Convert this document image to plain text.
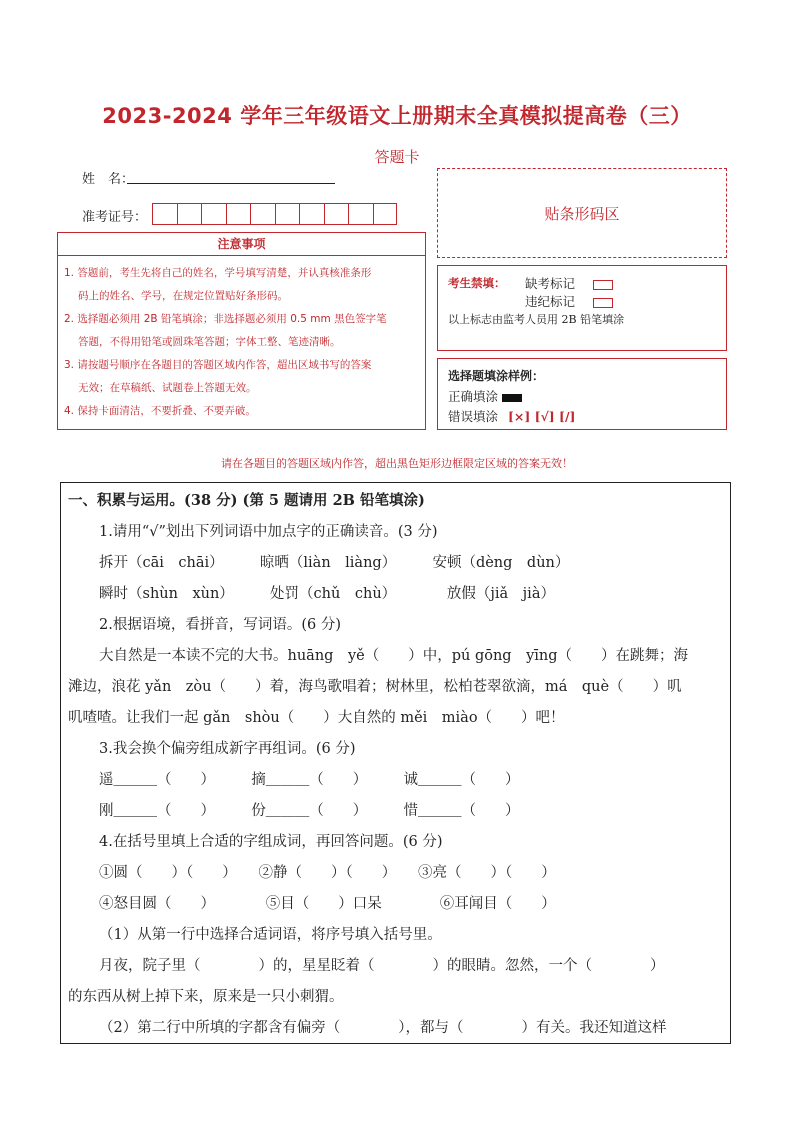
2023-2024 学年三年级语文上册期末全真模拟提高卷（三）
答题卡
姓　名：
准考证号：	贴条形码区
注意事项

1. 答题前，考生先将自己的姓名，学号填写清楚，并认真核准条形

码上的姓名、学号，在规定位置贴好条形码。

2. 选择题必须用 2B 铅笔填涂；非选择题必须用 0.5 mm 黑色签字笔

答题，不得用铅笔或圆珠笔答题；字体工整、笔迹清晰。

3. 请按题号顺序在各题目的答题区域内作答，超出区域书写的答案

无效；在草稿纸、试题卷上答题无效。

4. 保持卡面清洁，不要折叠、不要弄破。

考生禁填： 缺考标记
违纪标记
以上标志由监考人员用 2B 铅笔填涂
选择题填涂样例：
正确填涂
错误填涂 [×] [√] [/]
请在各题目的答题区域内作答，超出黑色矩形边框限定区域的答案无效！
一、积累与运用。(38 分) (第 5 题请用 2B 铅笔填涂)
1.请用“√”划出下列词语中加点字的正确读音。(3 分)
拆开（cāi　chāi）　　　晾晒（liàn　liàng）　　　安顿（dèng　dùn）
瞬时（shùn　xùn）　　　处罚（chǔ　chù）　　　　放假（jiǎ　jià）
2.根据语境，看拼音，写词语。(6 分)
大自然是一本读不完的大书。huāng　yě（　　）中，pú gōng　yīng（　　）在跳舞；海
滩边，浪花 yǎn　zòu（　　）着，海鸟歌唱着；树林里，松柏苍翠欲滴，má　què（　　）叽
叽喳喳。让我们一起 gǎn　shòu（　　）大自然的 měi　miào（　　）吧！
3.我会换个偏旁组成新字再组词。(6 分)
遥＿＿＿（　　）　　　摘＿＿＿（　　）　　　诚＿＿＿（　　）
刚＿＿＿（　　）　　　份＿＿＿（　　）　　　惜＿＿＿（　　）
4.在括号里填上合适的字组成词，再回答问题。(6 分)
①圆（　　）（　　）　　②静（　　）（　　）　　③亮（　　）（　　）
④怒目圆（　　）　　　　⑤目（　　）口呆　　　　⑥耳闻目（　　）
（1）从第一行中选择合适词语，将序号填入括号里。
月夜，院子里（　　　　）的，星星眨着（　　　　）的眼睛。忽然，一个（　　　　）
的东西从树上掉下来，原来是一只小刺猬。
（2）第二行中所填的字都含有偏旁（　　　　），都与（　　　　）有关。我还知道这样
